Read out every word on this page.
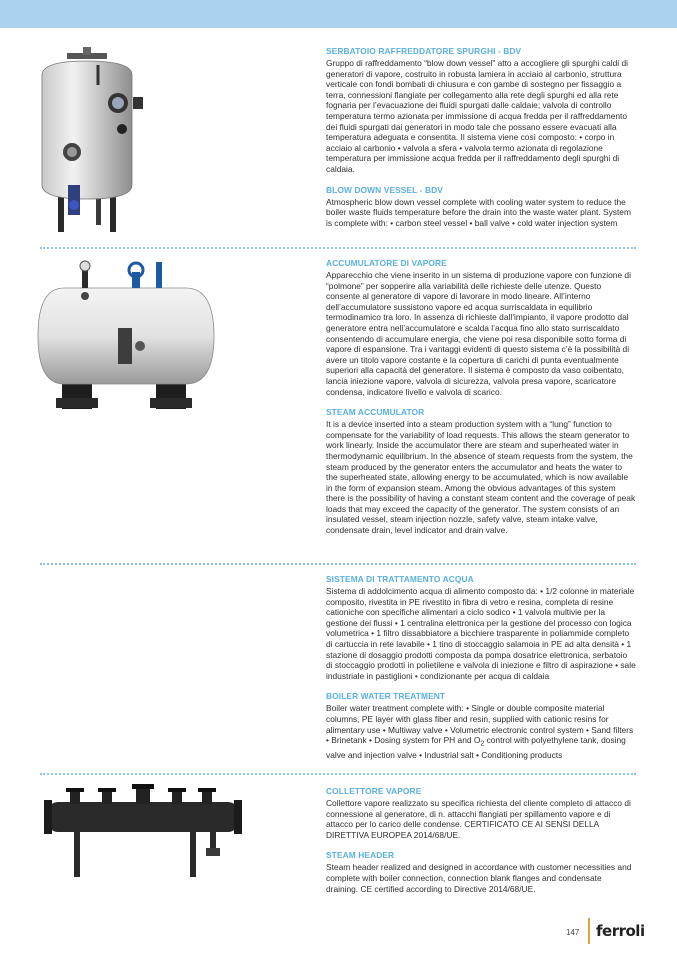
SERBATOIO RAFFREDDATORE SPURGHI - BDV
Gruppo di raffreddamento “blow down vessel” atto a accogliere gli spurghi caldi di generatori di vapore, costruito in robusta lamiera in acciaio al carbonio, struttura verticale con fondi bombati di chiusura e con gambe di sostegno per fissaggio a terra, connessioni flangiate per collegamento alla rete degli spurghi ed alla rete fognaria per l’evacuazione dei fluidi spurgati dalle caldaie; valvola di controllo temperatura termo azionata per immissione di acqua fredda per il raffreddamento dei fluidi spurgati dai generatori in modo tale che possano essere evacuati alla temperatura adeguata e consentita. Il sistema viene così composto: • corpo in acciaio al carbonio • valvola a sfera • valvola termo azionata di regolazione temperatura per immissione acqua fredda per il raffreddamento degli spurghi di caldaia.
BLOW DOWN VESSEL - BDV
Atmospheric blow down vessel complete with cooling water system to reduce the boiler waste fluids temperature before the drain into the waste water plant. System is complete with: • carbon steel vessel • ball valve • cold water injection system
ACCUMULATORE DI VAPORE
Apparecchio che viene inserito in un sistema di produzione vapore con funzione di “polmone” per sopperire alla variabilità delle richieste delle utenze. Questo consente al generatore di vapore di lavorare in modo lineare. All’interno dell’accumulatore sussistono vapore ed acqua surriscaldata in equilibrio termodinamico tra loro. In assenza di richieste dall’impianto, il vapore prodotto dal generatore entra nell’accumulatore e scalda l’acqua fino allo stato surriscaldato consentendo di accumulare energia, che viene poi resa disponibile sotto forma di vapore di espansione. Tra i vantaggi evidenti di questo sistema c’è la possibilità di avere un titolo vapore costante e la copertura di carichi di punta eventualmente superiori alla capacità del generatore. Il sistema è composto da vaso coibentato, lancia iniezione vapore, valvola di sicurezza, valvola presa vapore, scaricatore condensa, indicatore livello e valvola di scarico.
STEAM ACCUMULATOR
It is a device inserted into a steam production system with a “lung” function to compensate for the variability of load requests. This allows the steam generator to work linearly. Inside the accumulator there are steam and superheated water in thermodynamic equilibrium. In the absence of steam requests from the system, the steam produced by the generator enters the accumulator and heats the water to the superheated state, allowing energy to be accumulated, which is now available in the form of expansion steam. Among the obvious advantages of this system there is the possibility of having a constant steam content and the coverage of peak loads that may exceed the capacity of the generator. The system consists of an insulated vessel, steam injection nozzle, safety valve, steam intake valve, condensate drain, level indicator and drain valve.
SISTEMA DI TRATTAMENTO ACQUA
Sistema di addolcimento acqua di alimento composto da: • 1/2 colonne in materiale composito, rivestita in PE rivestito in fibra di vetro e resina, completa di resine cationiche con specifiche alimentari a ciclo sodico • 1 valvola multivie per la gestione dei flussi • 1 centralina elettronica per la gestione del processo con logica volumetrica • 1 filtro dissabbiatore a bicchiere trasparente in poliammide completo di cartuccia in rete lavabile • 1 tino di stoccaggio salamoia in PE ad alta densità • 1 stazione di dosaggio prodotti composta da pompa dosatrice elettronica, serbatoio di stoccaggio prodotti in polietilene e valvola di iniezione e filtro di aspirazione • sale industriale in pastiglioni • condizionante per acqua di caldaia
BOILER WATER TREATMENT
Boiler water treatment complete with: • Single or double composite material columns, PE layer with glass fiber and resin, supplied with cationic resins for alimentary use • Multiway valve • Volumetric electronic control system • Sand filters • Brinetank • Dosing system for PH and $O_2$ control with polyethylene tank, dosing valve and injection valve • Industrial salt • Conditioning products
COLLETTORE VAPORE
Collettore vapore realizzato su specifica richiesta del cliente completo di attacco di connessione al generatore, di n. attacchi flangiati per spillamento vapore e di attacco per lo carico delle condense. CERTIFICATO CE AI SENSI DELLA DIRETTIVA EUROPEA 2014/68/UE.
STEAM HEADER
Steam header realized and designed in accordance with customer necessities and complete with boiler connection, connection blank flanges and condensate draining. CE certified according to Directive 2014/68/UE.
147 ferroli
